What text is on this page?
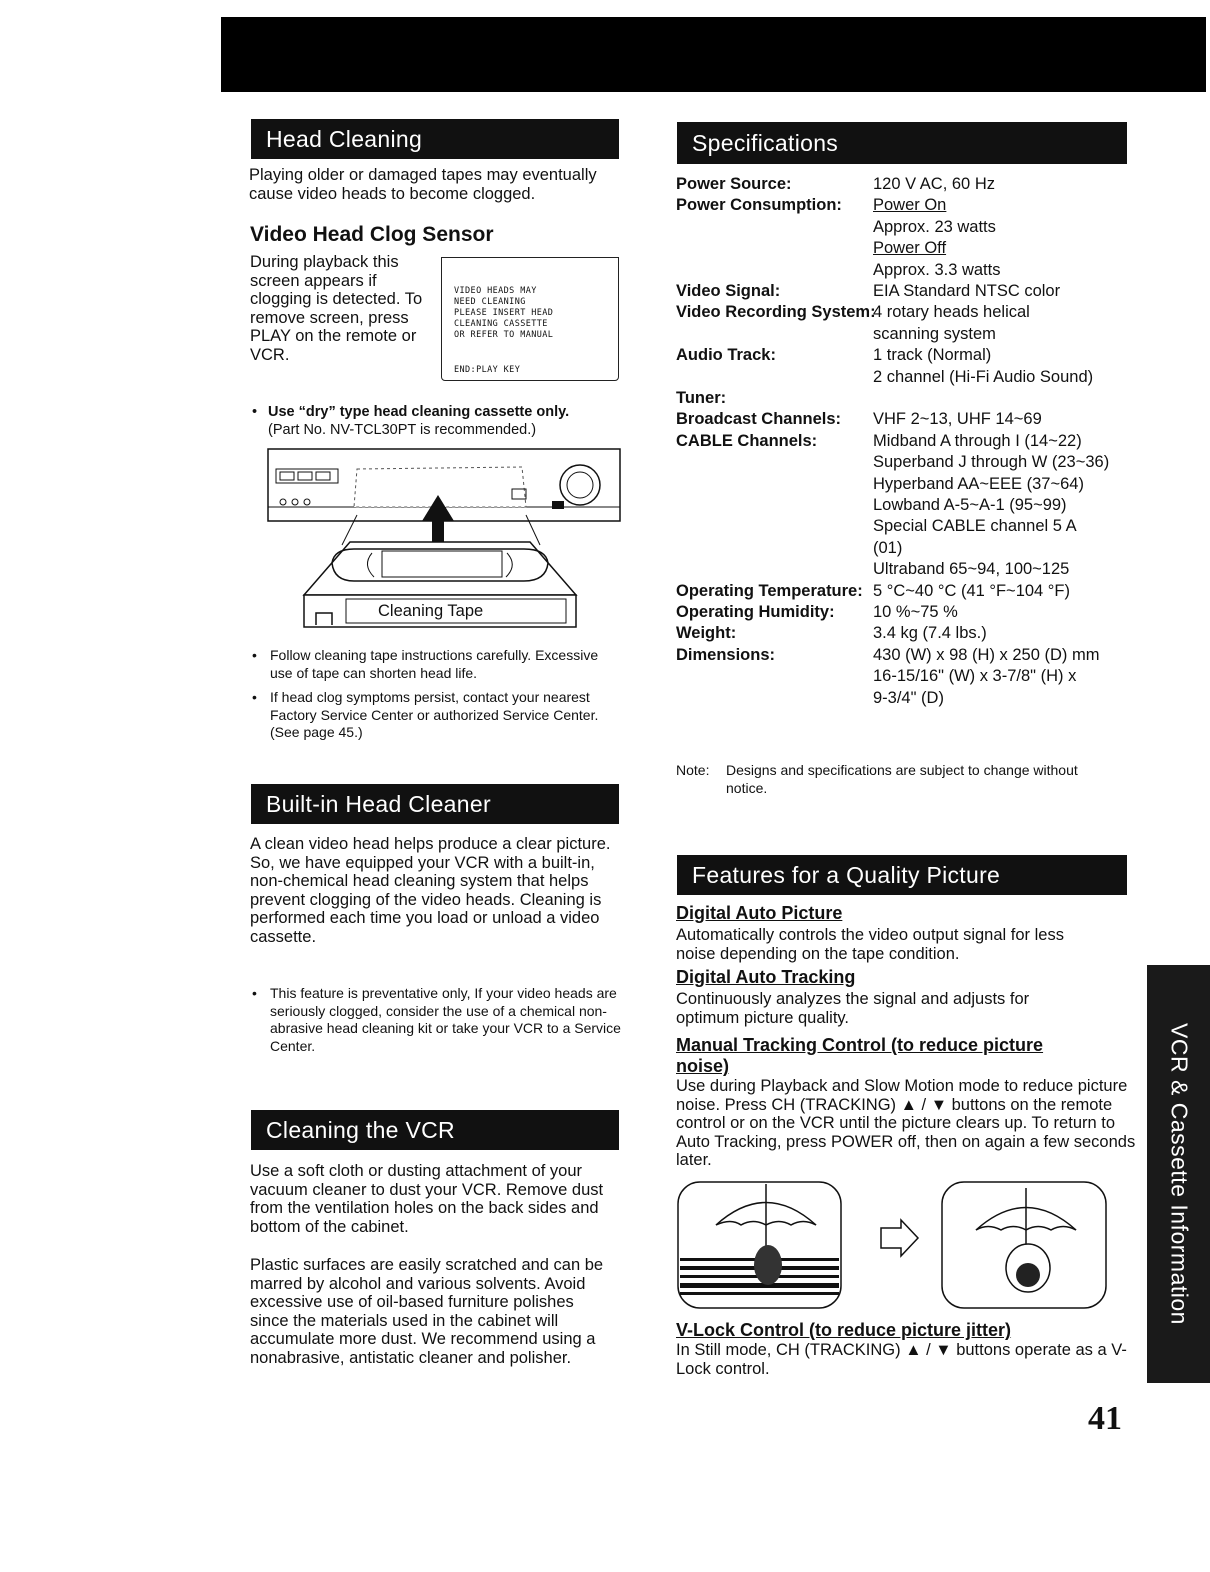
Head Cleaning
Playing older or damaged tapes may eventually cause video heads to become clogged.
Video Head Clog Sensor
During playback this screen appears if clogging is detected. To remove screen, press PLAY on the remote or VCR.
VIDEO HEADS MAY
NEED CLEANING
PLEASE INSERT HEAD
CLEANING CASSETTE
OR REFER TO MANUAL
END:PLAY KEY
• Use “dry” type head cleaning cassette only.
(Part No. NV-TCL30PT is recommended.)
Cleaning Tape
• Follow cleaning tape instructions carefully. Excessive use of tape can shorten head life.
• If head clog symptoms persist, contact your nearest Factory Service Center or authorized Service Center. (See page 45.)
Built-in Head Cleaner
A clean video head helps produce a clear picture.
So, we have equipped your VCR with a built-in, non-chemical head cleaning system that helps prevent clogging of the video heads. Cleaning is performed each time you load or unload a video cassette.
• This feature is preventative only, If your video heads are seriously clogged, consider the use of a chemical non-abrasive head cleaning kit or take your VCR to a Service Center.
Cleaning the VCR
Use a soft cloth or dusting attachment of your vacuum cleaner to dust your VCR. Remove dust from the ventilation holes on the back sides and bottom of the cabinet.
Plastic surfaces are easily scratched and can be marred by alcohol and various solvents. Avoid excessive use of oil-based furniture polishes since the materials used in the cabinet will accumulate more dust. We recommend using a nonabrasive, antistatic cleaner and polisher.
Specifications
Power Source:	120 V AC, 60 Hz
Power Consumption: Power On
Approx. 23 watts
Power Off
Approx. 3.3 watts
Video Signal:	EIA Standard NTSC color
Video Recording System:
4 rotary heads helical
scanning system
Audio Track:	1 track (Normal)
2 channel (Hi-Fi Audio Sound)
Tuner:
Broadcast Channels: VHF 2~13, UHF 14~69
CABLE Channels:	Midband A through I (14~22)
Superband J through W (23~36)
Hyperband AA~EEE (37~64)
Lowband A-5~A-1 (95~99)
Special CABLE channel 5 A
(01)
Ultraband 65~94, 100~125
Operating Temperature: 5 °C~40 °C (41 °F~104 °F)
Operating Humidity: 10 %~75 %
Weight:	3.4 kg (7.4 lbs.)
Dimensions:	430 (W) x 98 (H) x 250 (D) mm
16-15/16" (W) x 3-7/8" (H) x
9-3/4" (D)
Note: Designs and specifications are subject to change without notice.
Features for a Quality Picture
Digital Auto Picture
Automatically controls the video output signal for less noise depending on the tape condition.
Digital Auto Tracking
Continuously analyzes the signal and adjusts for optimum picture quality.
Manual Tracking Control (to reduce picture noise)
Use during Playback and Slow Motion mode to reduce picture noise. Press CH (TRACKING) ▲ / ▼ buttons on the remote control or on the VCR until the picture clears up. To return to Auto Tracking, press POWER off, then on again a few seconds later.
V-Lock Control (to reduce picture jitter)
In Still mode, CH (TRACKING) ▲ / ▼ buttons operate as a V-Lock control.
VCR & Cassette Information
41
